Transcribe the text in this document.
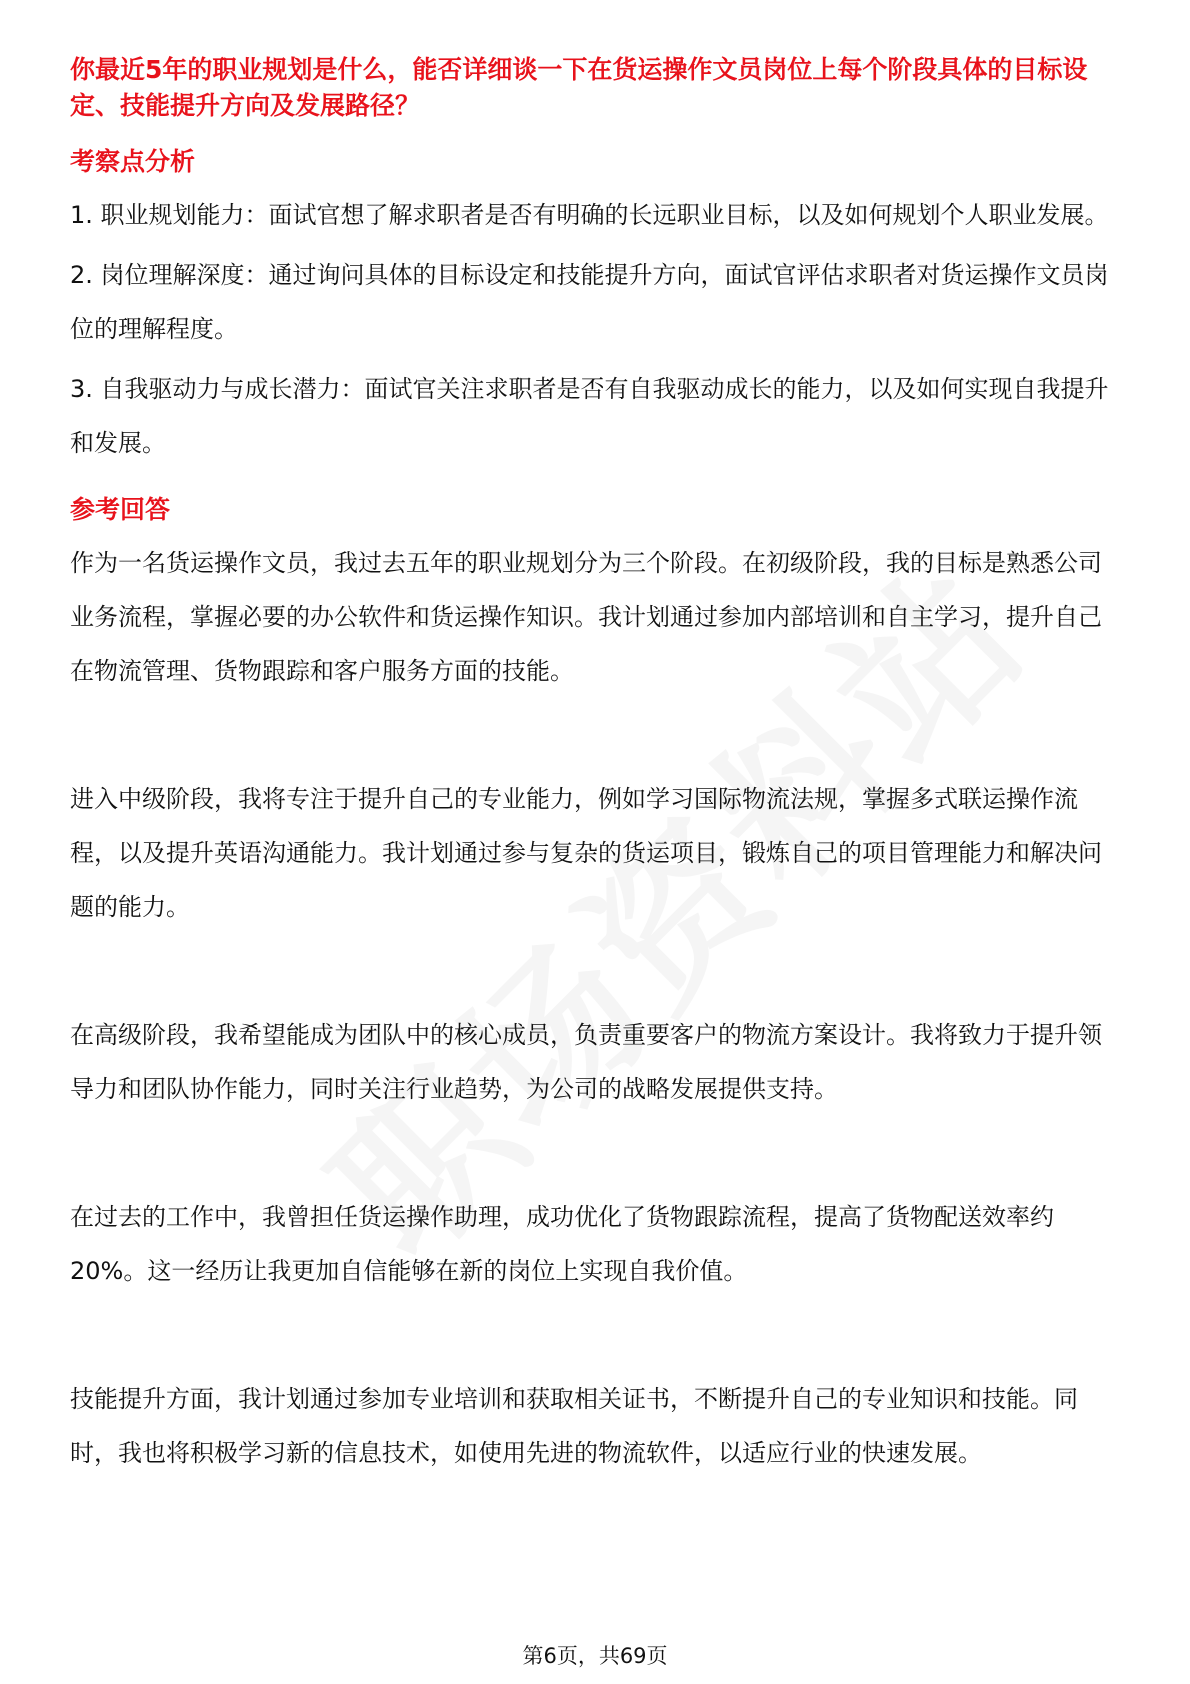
你最近5年的职业规划是什么，能否详细谈一下在货运操作文员岗位上每个阶段具体的目标设定、技能提升方向及发展路径？
考察点分析
1. 职业规划能力：面试官想了解求职者是否有明确的长远职业目标，以及如何规划个人职业发展。
2. 岗位理解深度：通过询问具体的目标设定和技能提升方向，面试官评估求职者对货运操作文员岗位的理解程度。
3. 自我驱动力与成长潜力：面试官关注求职者是否有自我驱动成长的能力，以及如何实现自我提升和发展。
参考回答
作为一名货运操作文员，我过去五年的职业规划分为三个阶段。在初级阶段，我的目标是熟悉公司业务流程，掌握必要的办公软件和货运操作知识。我计划通过参加内部培训和自主学习，提升自己在物流管理、货物跟踪和客户服务方面的技能。
进入中级阶段，我将专注于提升自己的专业能力，例如学习国际物流法规，掌握多式联运操作流程，以及提升英语沟通能力。我计划通过参与复杂的货运项目，锻炼自己的项目管理能力和解决问题的能力。
在高级阶段，我希望能成为团队中的核心成员，负责重要客户的物流方案设计。我将致力于提升领导力和团队协作能力，同时关注行业趋势，为公司的战略发展提供支持。
在过去的工作中，我曾担任货运操作助理，成功优化了货物跟踪流程，提高了货物配送效率约20%。这一经历让我更加自信能够在新的岗位上实现自我价值。
技能提升方面，我计划通过参加专业培训和获取相关证书，不断提升自己的专业知识和技能。同时，我也将积极学习新的信息技术，如使用先进的物流软件，以适应行业的快速发展。
第6页，共69页
